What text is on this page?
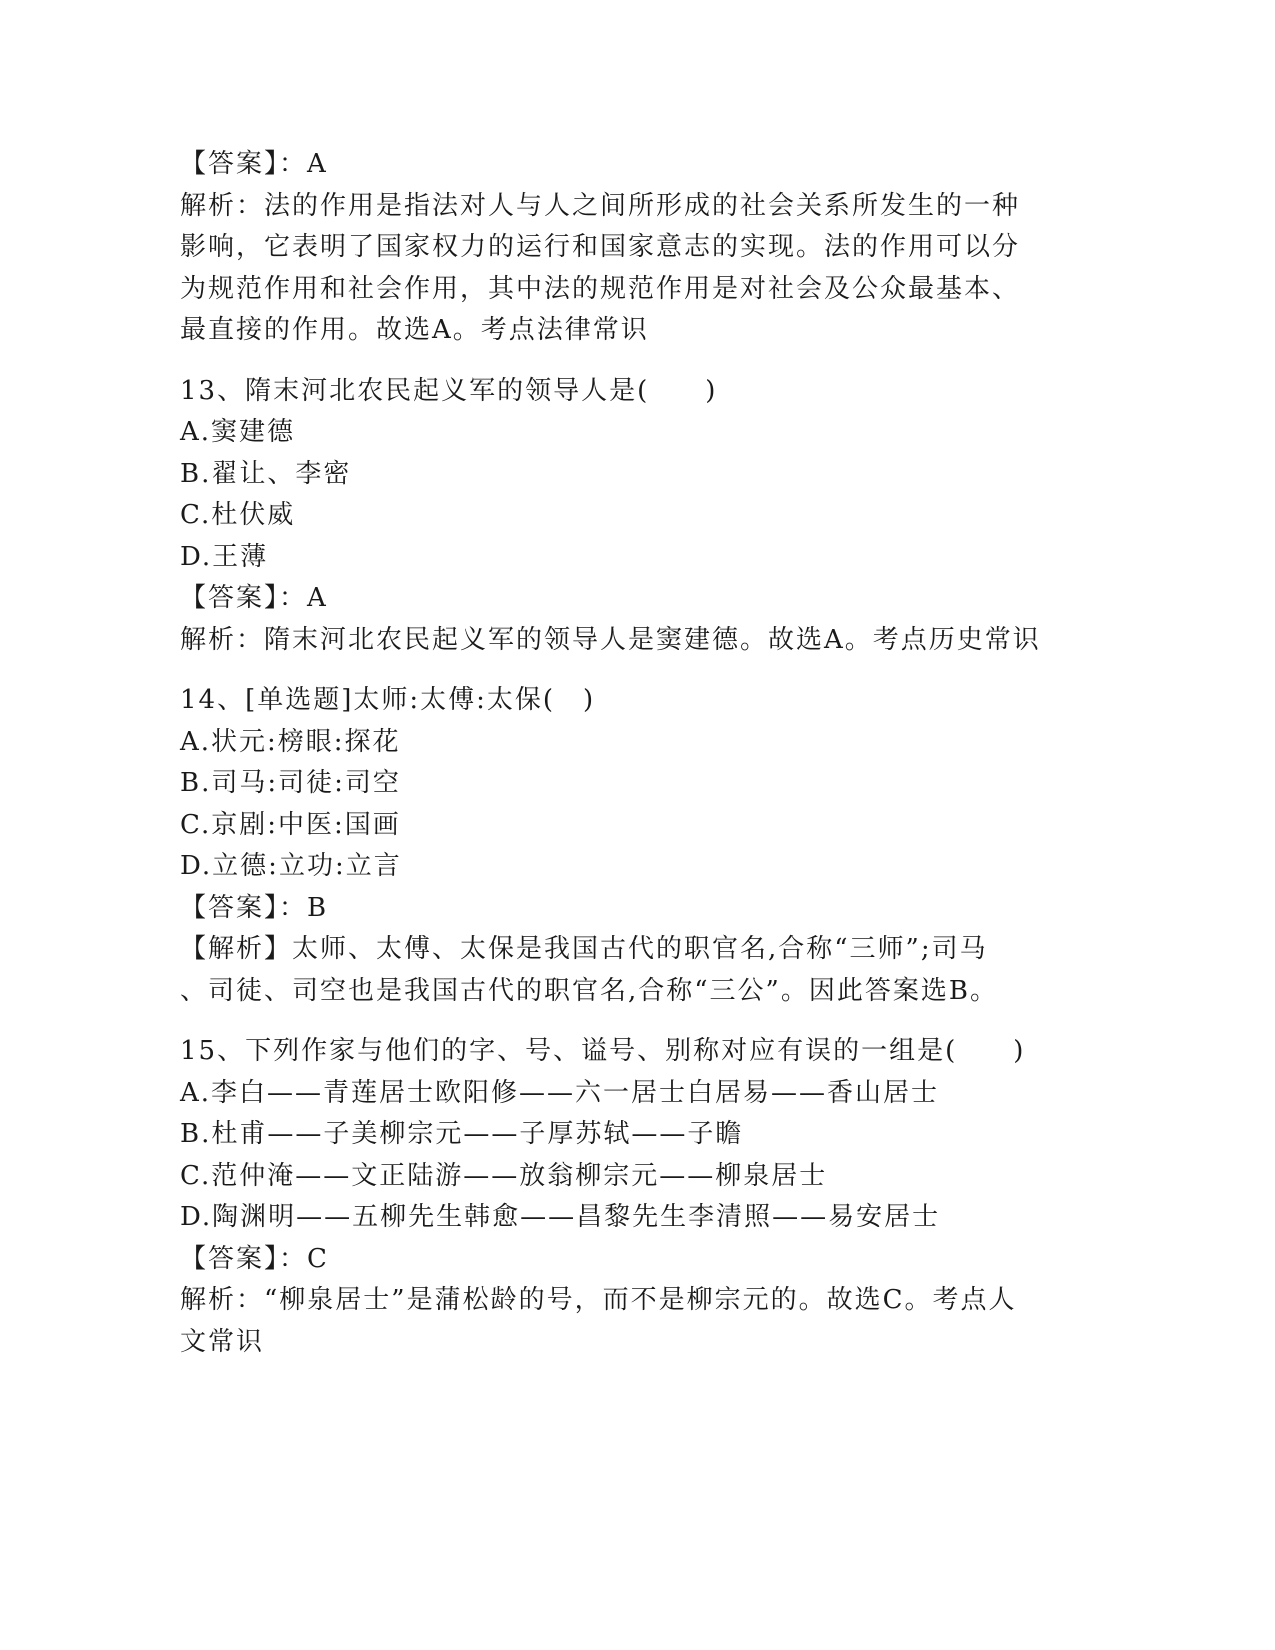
【答案】：A
解析：法的作用是指法对人与人之间所形成的社会关系所发生的一种
影响，它表明了国家权力的运行和国家意志的实现。法的作用可以分
为规范作用和社会作用，其中法的规范作用是对社会及公众最基本、
最直接的作用。故选A。考点法律常识
13、隋末河北农民起义军的领导人是(　　)
A.窦建德
B.翟让、李密
C.杜伏威
D.王薄
【答案】：A
解析：隋末河北农民起义军的领导人是窦建德。故选A。考点历史常识
14、[单选题]太师:太傅:太保(　)
A.状元:榜眼:探花
B.司马:司徒:司空
C.京剧:中医:国画
D.立德:立功:立言
【答案】：B
【解析】太师、太傅、太保是我国古代的职官名,合称“三师”;司马
、司徒、司空也是我国古代的职官名,合称“三公”。因此答案选B。
15、下列作家与他们的字、号、谥号、别称对应有误的一组是(　　)
A.李白——青莲居士欧阳修——六一居士白居易——香山居士
B.杜甫——子美柳宗元——子厚苏轼——子瞻
C.范仲淹——文正陆游——放翁柳宗元——柳泉居士
D.陶渊明——五柳先生韩愈——昌黎先生李清照——易安居士
【答案】：C
解析：“柳泉居士”是蒲松龄的号，而不是柳宗元的。故选C。考点人
文常识
